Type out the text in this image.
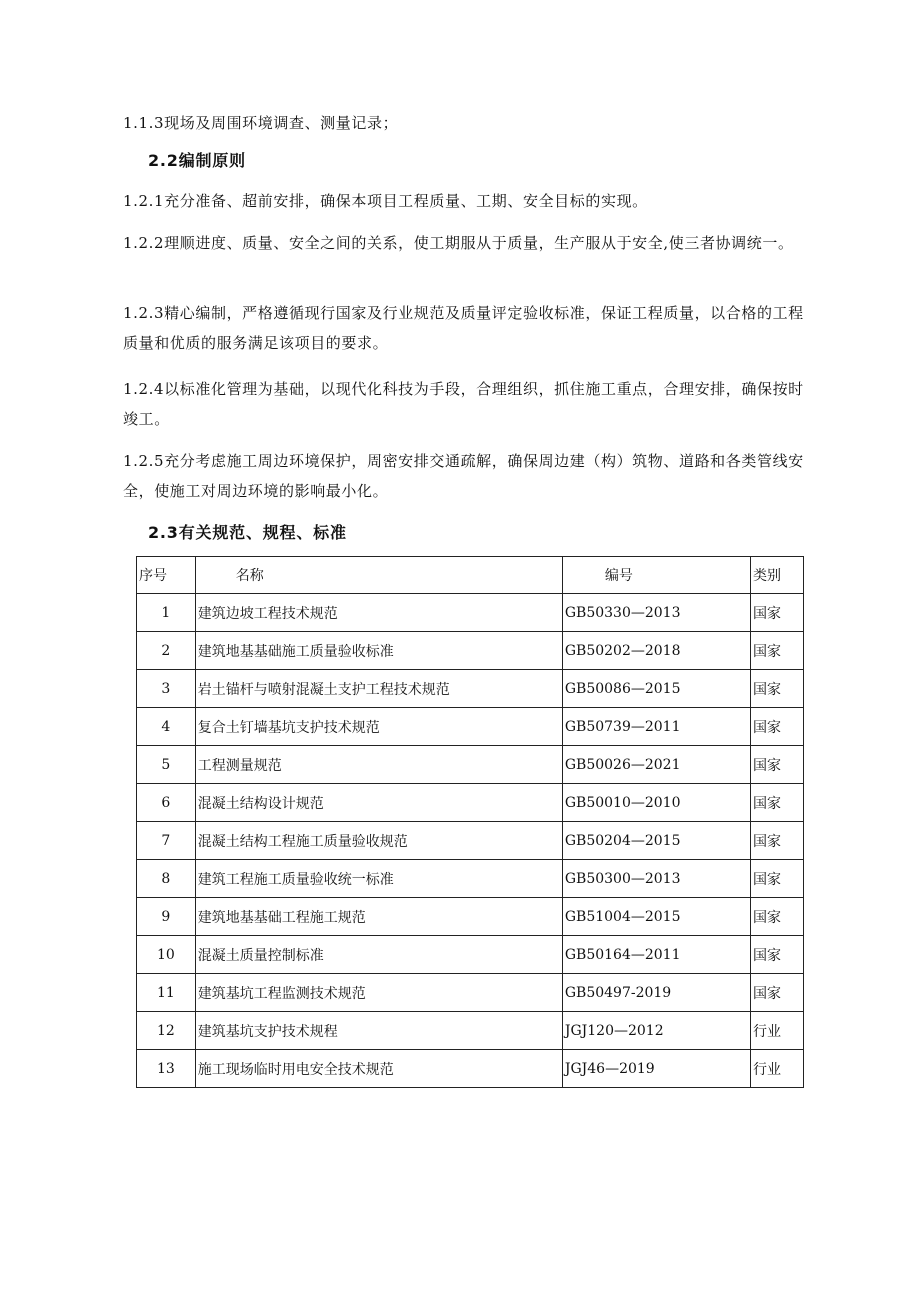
1.1.3现场及周围环境调查、测量记录；

2.2编制原则

1.2.1充分准备、超前安排，确保本项目工程质量、工期、安全目标的实现。

1.2.2理顺进度、质量、安全之间的关系，使工期服从于质量，生产服从于安全,使三者协调统一。

1.2.3精心编制，严格遵循现行国家及行业规范及质量评定验收标准，保证工程质量，以合格的工程质量和优质的服务满足该项目的要求。

1.2.4以标准化管理为基础，以现代化科技为手段，合理组织，抓住施工重点，合理安排，确保按时竣工。

1.2.5充分考虑施工周边环境保护，周密安排交通疏解，确保周边建（构）筑物、道路和各类管线安全，使施工对周边环境的影响最小化。

2.3有关规范、规程、标准

序号	名称	编号	类别
1	建筑边坡工程技术规范	GB50330—2013	国家
2	建筑地基基础施工质量验收标准	GB50202—2018	国家
3	岩土锚杆与喷射混凝土支护工程技术规范	GB50086—2015	国家
4	复合土钉墙基坑支护技术规范	GB50739—2011	国家
5	工程测量规范	GB50026—2021	国家
6	混凝土结构设计规范	GB50010—2010	国家
7	混凝土结构工程施工质量验收规范	GB50204—2015	国家
8	建筑工程施工质量验收统一标准	GB50300—2013	国家
9	建筑地基基础工程施工规范	GB51004—2015	国家
10	混凝土质量控制标准	GB50164—2011	国家
11	建筑基坑工程监测技术规范	GB50497-2019	国家
12	建筑基坑支护技术规程	JGJ120—2012	行业
13	施工现场临时用电安全技术规范	JGJ46—2019	行业
